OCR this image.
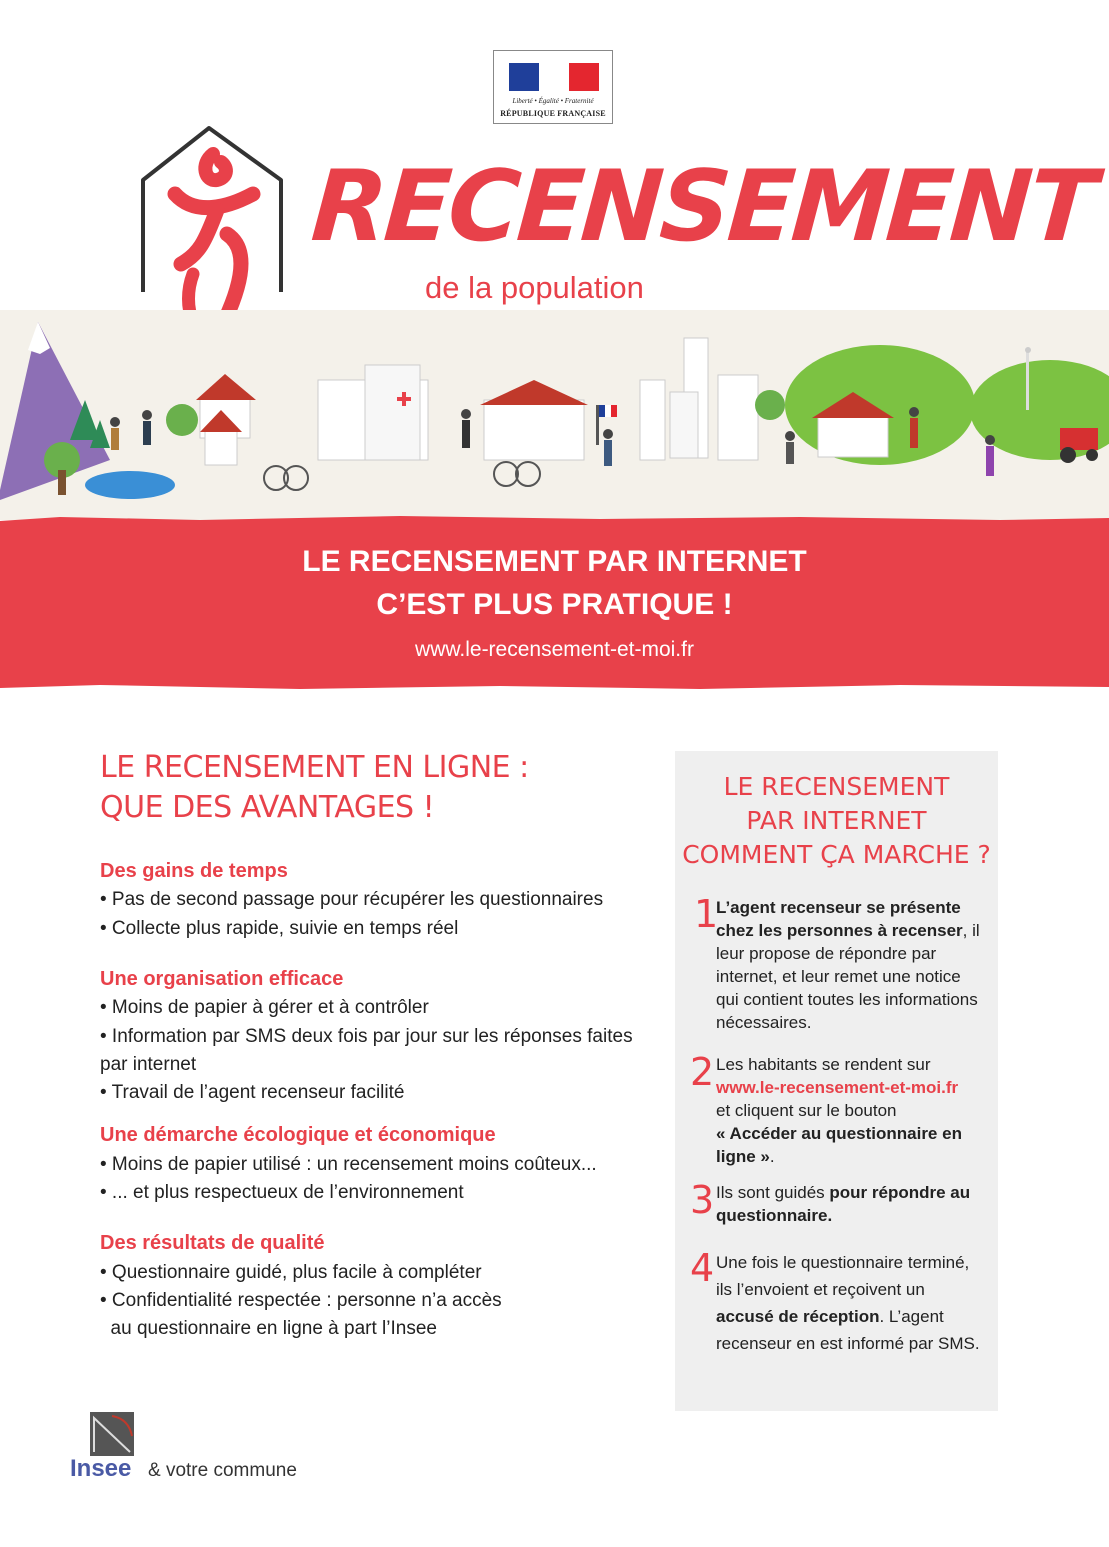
Liberté • Égalité • Fraternité
RÉPUBLIQUE FRANÇAISE
RECENSEMENT
de la population
LE RECENSEMENT PAR INTERNET
C’EST PLUS PRATIQUE !
www.le-recensement-et-moi.fr
LE RECENSEMENT EN LIGNE :
QUE DES AVANTAGES !
Des gains de temps
• Pas de second passage pour récupérer les questionnaires
• Collecte plus rapide, suivie en temps réel
Une organisation efficace
• Moins de papier à gérer et à contrôler
• Information par SMS deux fois par jour sur les réponses faites
par internet
• Travail de l’agent recenseur facilité
Une démarche écologique et économique
• Moins de papier utilisé : un recensement moins coûteux...
• ... et plus respectueux de l’environnement
Des résultats de qualité
• Questionnaire guidé, plus facile à compléter
• Confidentialité respectée : personne n’a accès
au questionnaire en ligne à part l’Insee
LE RECENSEMENT
PAR INTERNET
COMMENT ÇA MARCHE ?
1
L’agent recenseur se présente
chez les personnes à recenser, il leur propose de répondre par internet, et leur remet une notice qui contient toutes les informations nécessaires.
2 Les habitants se rendent sur
www.le-recensement-et-moi.fr
et cliquent sur le bouton
« Accéder au questionnaire en ligne ».
3 Ils sont guidés pour répondre au questionnaire.
4 Une fois le questionnaire terminé, ils l’envoient et reçoivent un accusé de réception. L’agent recenseur en est informé par SMS.
Insee & votre commune
